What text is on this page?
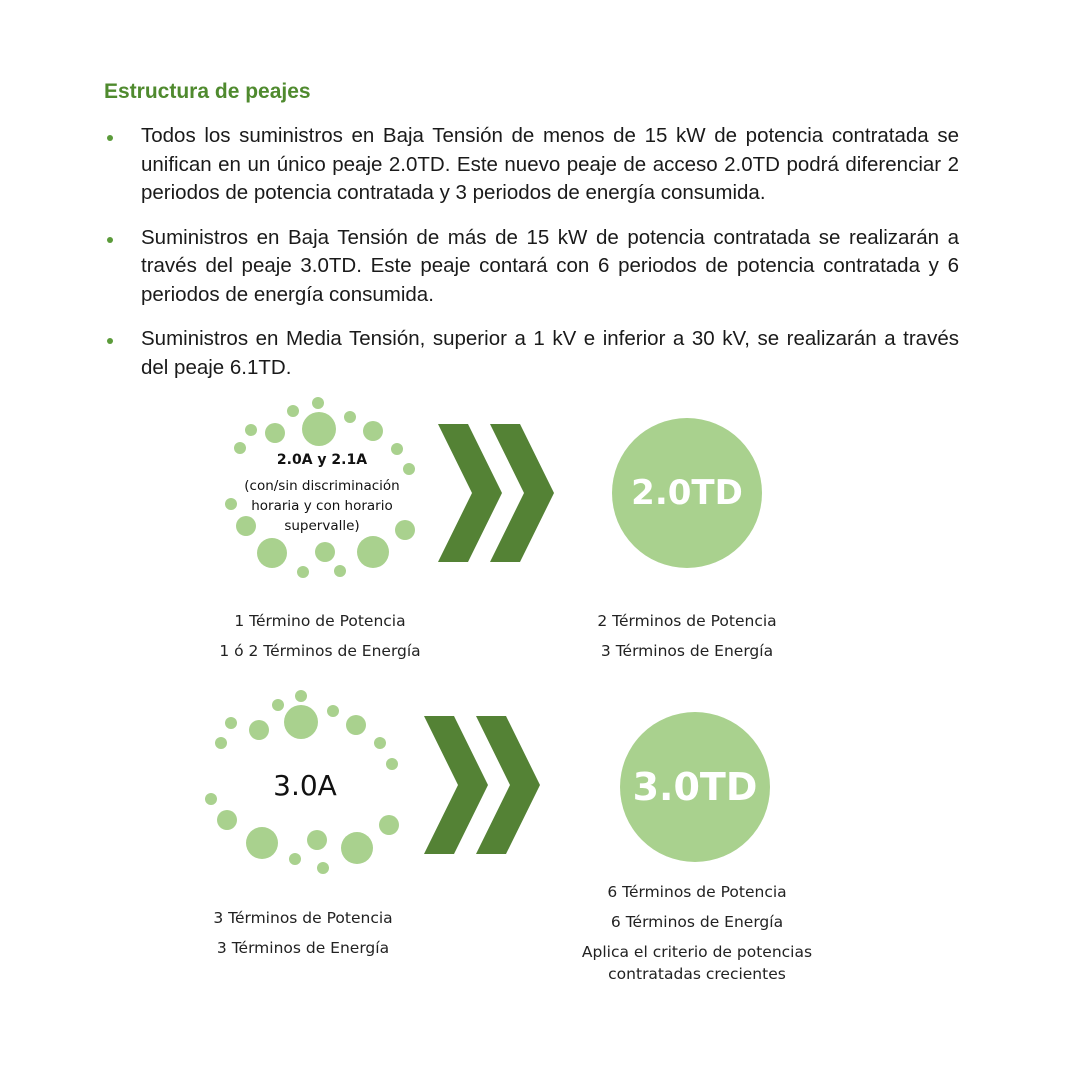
Estructura de peajes
Todos los suministros en Baja Tensión de menos de 15 kW de potencia contratada se unifican en un único peaje 2.0TD. Este nuevo peaje de acceso 2.0TD podrá diferenciar 2 periodos de potencia contratada y 3 periodos de energía consumida.
Suministros en Baja Tensión de más de 15 kW de potencia contratada se realizarán a través del peaje 3.0TD. Este peaje contará con 6 periodos de potencia contratada y 6 periodos de energía consumida.
Suministros en Media Tensión, superior a 1 kV e inferior a 30 kV, se realizarán a través del peaje 6.1TD.
2.0A y 2.1A
(con/sin discriminación
horaria y con horario
supervalle)
2.0TD
1 Término de Potencia
1 ó 2 Términos de Energía
2 Términos de Potencia
3 Términos de Energía
3.0A	3.0TD
3 Términos de Potencia
3 Términos de Energía
6 Términos de Potencia
6 Términos de Energía
Aplica el criterio de potencias
contratadas crecientes
